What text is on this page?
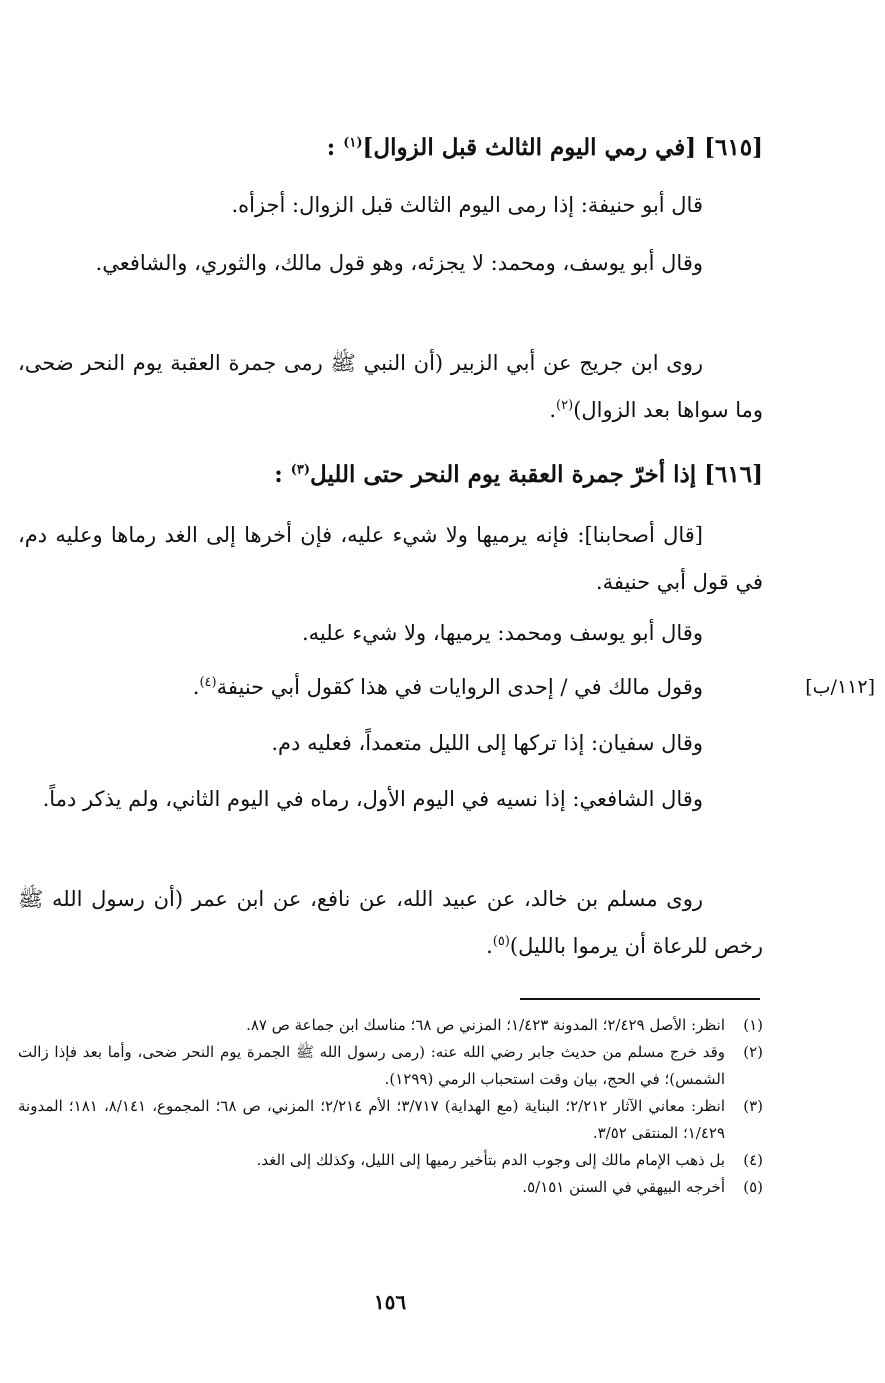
[٦١٥] [في رمي اليوم الثالث قبل الزوال]$^{(١)}$ :

قال أبو حنيفة: إذا رمى اليوم الثالث قبل الزوال: أجزأه.

وقال أبو يوسف، ومحمد: لا يجزئه، وهو قول مالك، والثوري، والشافعي.

روى ابن جريج عن أبي الزبير (أن النبي ﷺ رمى جمرة العقبة يوم النحر ضحى، وما سواها بعد الزوال)$^{(٢)}$.

[٦١٦] إذا أخرّ جمرة العقبة يوم النحر حتى الليل$^{(٣)}$ :

[قال أصحابنا]: فإنه يرميها ولا شيء عليه، فإن أخرها إلى الغد رماها وعليه دم، في قول أبي حنيفة.

وقال أبو يوسف ومحمد: يرميها، ولا شيء عليه.

وقول مالك في / إحدى الروايات في هذا كقول أبي حنيفة$^{(٤)}$.

وقال سفيان: إذا تركها إلى الليل متعمداً، فعليه دم.

وقال الشافعي: إذا نسيه في اليوم الأول، رماه في اليوم الثاني، ولم يذكر دماً.

روى مسلم بن خالد، عن عبيد الله، عن نافع، عن ابن عمر (أن رسول الله ﷺ رخص للرعاة أن يرموا بالليل)$^{(٥)}$.

[١١٢/ب]
(١)
انظر: الأصل ٢/٤٢٩؛ المدونة ١/٤٢٣؛ المزني ص ٦٨؛ مناسك ابن جماعة ص ٨٧.
(٢)
وقد خرج مسلم من حديث جابر رضي الله عنه: (رمى رسول الله ﷺ الجمرة يوم النحر ضحى، وأما بعد فإذا زالت الشمس)؛ في الحج، بيان وقت استحباب الرمي (١٢٩٩).
(٣)
انظر: معاني الآثار ٢/٢١٢؛ البناية (مع الهداية) ٣/٧١٧؛ الأم ٢/٢١٤؛ المزني، ص ٦٨؛ المجموع، ٨/١٤١، ١٨١؛ المدونة ١/٤٢٩؛ المنتقى ٣/٥٢.
(٤)
بل ذهب الإمام مالك إلى وجوب الدم بتأخير رميها إلى الليل، وكذلك إلى الغد.
(٥)
أخرجه البيهقي في السنن ٥/١٥١.
١٥٦
